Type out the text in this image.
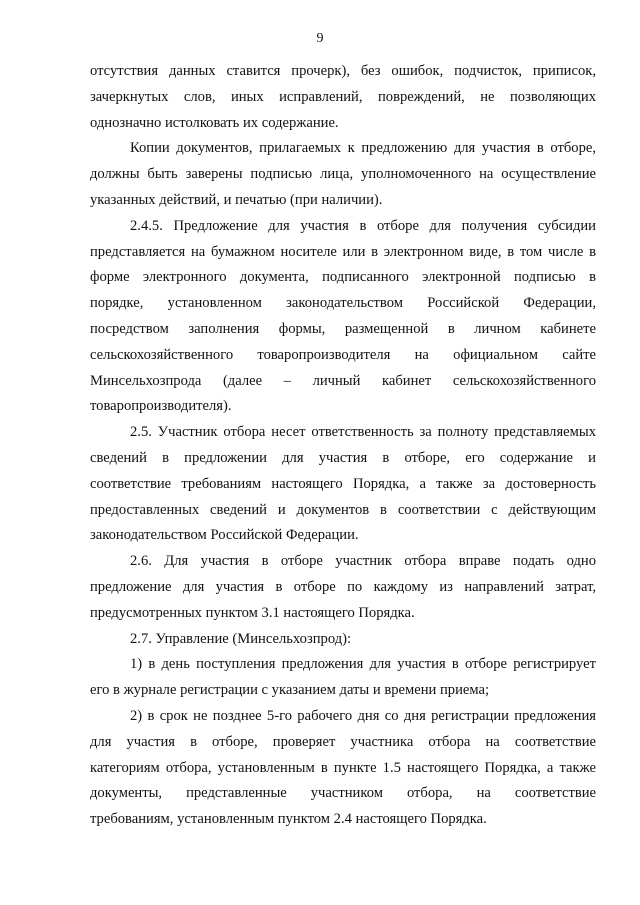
9
отсутствия данных ставится прочерк), без ошибок, подчисток, приписок,
зачеркнутых слов, иных исправлений, повреждений, не позволяющих
однозначно истолковать их содержание.
Копии документов, прилагаемых к предложению для участия в отборе,
должны быть заверены подписью лица, уполномоченного на осуществление
указанных действий, и печатью (при наличии).
2.4.5. Предложение для участия в отборе для получения субсидии
представляется на бумажном носителе или в электронном виде, в том числе в
форме электронного документа, подписанного электронной подписью в
порядке, установленном законодательством Российской Федерации,
посредством заполнения формы, размещенной в личном кабинете
сельскохозяйственного товаропроизводителя на официальном сайте
Минсельхозпрода (далее – личный кабинет сельскохозяйственного
товаропроизводителя).
2.5. Участник отбора несет ответственность за полноту представляемых
сведений в предложении для участия в отборе, его содержание и
соответствие требованиям настоящего Порядка, а также за достоверность
предоставленных сведений и документов в соответствии с действующим
законодательством Российской Федерации.
2.6. Для участия в отборе участник отбора вправе подать одно
предложение для участия в отборе по каждому из направлений затрат,
предусмотренных пунктом 3.1 настоящего Порядка.
2.7. Управление (Минсельхозпрод):
1) в день поступления предложения для участия в отборе регистрирует
его в журнале регистрации с указанием даты и времени приема;
2) в срок не позднее 5-го рабочего дня со дня регистрации предложения
для участия в отборе, проверяет участника отбора на соответствие
категориям отбора, установленным в пункте 1.5 настоящего Порядка, а также
документы, представленные участником отбора, на соответствие
требованиям, установленным пунктом 2.4 настоящего Порядка.
